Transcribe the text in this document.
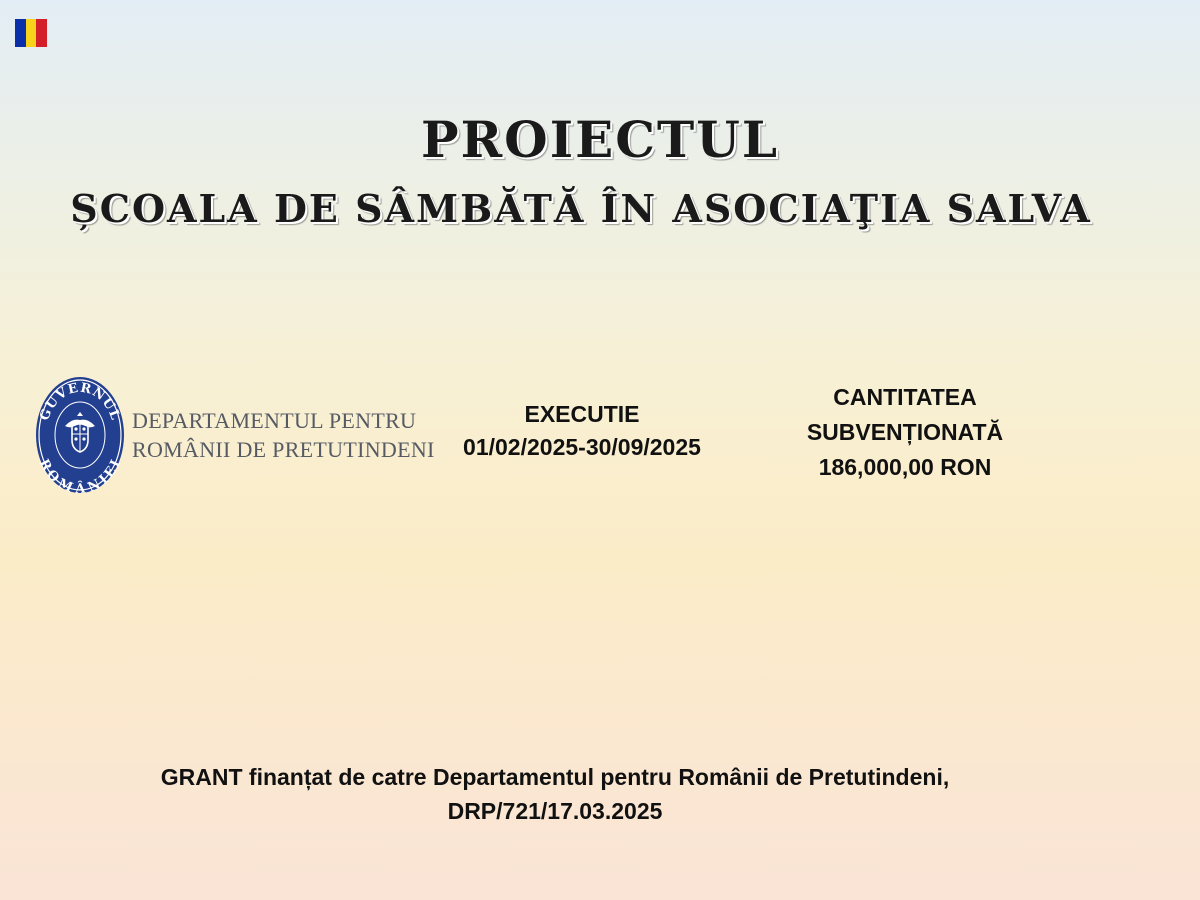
PROIECTUL
ȘCOALA DE SÂMBĂTĂ ÎN ASOCIAŢIA SALVA
GUVERNUL
ROMÂNIEI
DEPARTAMENTUL PENTRU
ROMÂNII DE PRETUTINDENI
EXECUTIE
01/02/2025-30/09/2025
CANTITATEA
SUBVENȚIONATĂ
186,000,00 RON
GRANT finanțat de catre Departamentul pentru Românii de Pretutindeni,
DRP/721/17.03.2025
